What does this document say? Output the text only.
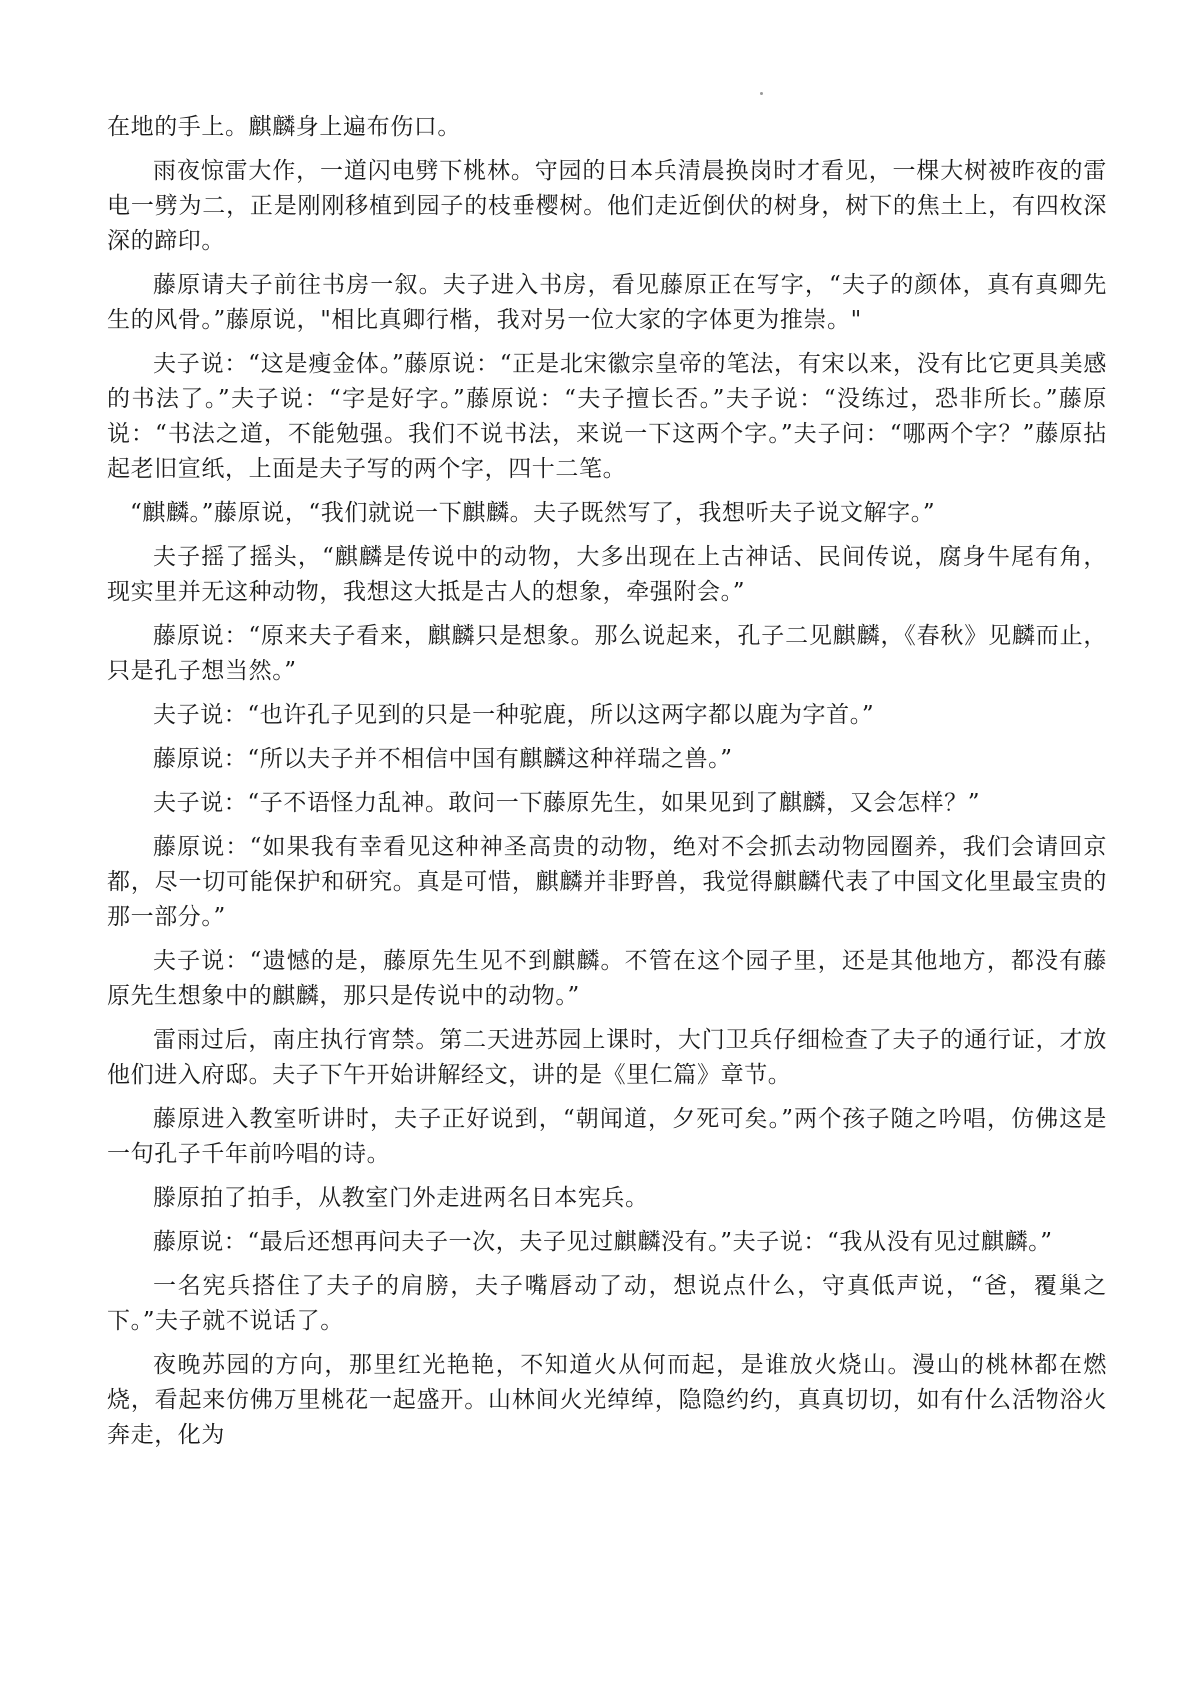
在地的手上。麒麟身上遍布伤口。

雨夜惊雷大作，一道闪电劈下桃林。守园的日本兵清晨换岗时才看见，一棵大树被昨夜的雷电一劈为二，正是刚刚移植到园子的枝垂樱树。他们走近倒伏的树身，树下的焦土上，有四枚深深的蹄印。

藤原请夫子前往书房一叙。夫子进入书房，看见藤原正在写字，“夫子的颜体，真有真卿先生的风骨。”藤原说，"相比真卿行楷，我对另一位大家的字体更为推崇。"

夫子说：“这是瘦金体。”藤原说：“正是北宋徽宗皇帝的笔法，有宋以来，没有比它更具美感的书法了。”夫子说：“字是好字。”藤原说：“夫子擅长否。”夫子说：“没练过，恐非所长。”藤原说：“书法之道，不能勉强。我们不说书法，来说一下这两个字。”夫子问：“哪两个字？”藤原拈起老旧宣纸，上面是夫子写的两个字，四十二笔。

“麒麟。”藤原说，“我们就说一下麒麟。夫子既然写了，我想听夫子说文解字。”

夫子摇了摇头，“麒麟是传说中的动物，大多出现在上古神话、民间传说，腐身牛尾有角，现实里并无这种动物，我想这大抵是古人的想象，牵强附会。”

藤原说：“原来夫子看来，麒麟只是想象。那么说起来，孔子二见麒麟，《春秋》见麟而止，只是孔子想当然。”

夫子说：“也许孔子见到的只是一种驼鹿，所以这两字都以鹿为字首。”

藤原说：“所以夫子并不相信中国有麒麟这种祥瑞之兽。”

夫子说：“子不语怪力乱神。敢问一下藤原先生，如果见到了麒麟，又会怎样？”

藤原说：“如果我有幸看见这种神圣高贵的动物，绝对不会抓去动物园圈养，我们会请回京都，尽一切可能保护和研究。真是可惜，麒麟并非野兽，我觉得麒麟代表了中国文化里最宝贵的那一部分。”

夫子说：“遗憾的是，藤原先生见不到麒麟。不管在这个园子里，还是其他地方，都没有藤原先生想象中的麒麟，那只是传说中的动物。”

雷雨过后，南庄执行宵禁。第二天进苏园上课时，大门卫兵仔细检查了夫子的通行证，才放他们进入府邸。夫子下午开始讲解经文，讲的是《里仁篇》章节。

藤原进入教室听讲时，夫子正好说到，“朝闻道，夕死可矣。”两个孩子随之吟唱，仿佛这是一句孔子千年前吟唱的诗。

滕原拍了拍手，从教室门外走进两名日本宪兵。

藤原说：“最后还想再问夫子一次，夫子见过麒麟没有。”夫子说：“我从没有见过麒麟。”

一名宪兵搭住了夫子的肩膀，夫子嘴唇动了动，想说点什么，守真低声说，“爸，覆巢之下。”夫子就不说话了。

夜晚苏园的方向，那里红光艳艳，不知道火从何而起，是谁放火烧山。漫山的桃林都在燃烧，看起来仿佛万里桃花一起盛开。山林间火光绰绰，隐隐约约，真真切切，如有什么活物浴火奔走，化为
